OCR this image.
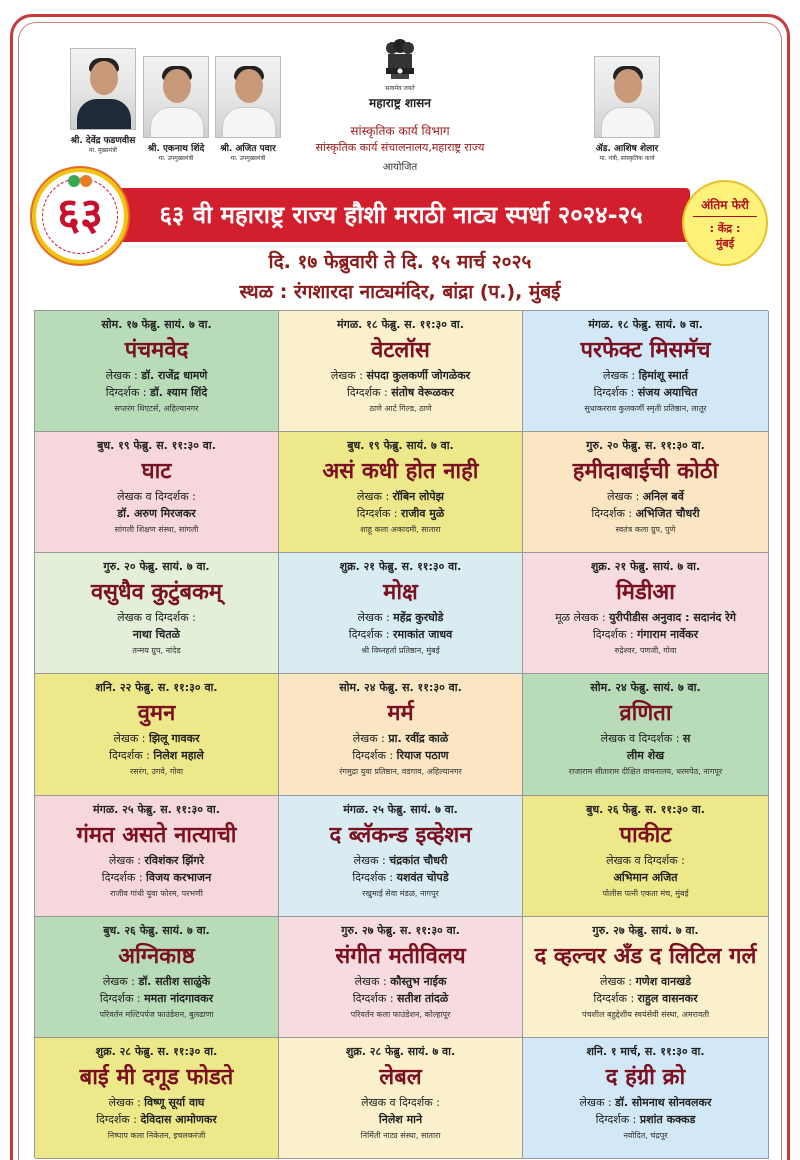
श्री. देवेंद्र फडणवीस
मा. मुख्यमंत्री	श्री. एकनाथ शिंदे
मा. उपमुख्यमंत्री
श्री. अजित पवार
मा. उपमुख्यमंत्री
ॲड. आशिष शेलार
मा. मंत्री, सांस्कृतिक कार्य
सत्यमेव जयते
महाराष्ट्र शासन
सांस्कृतिक कार्य विभाग
सांस्कृतिक कार्य संचालनालय,महाराष्ट्र राज्य
आयोजित
६३ वी महाराष्ट्र राज्य हौशी मराठी नाट्य स्पर्धा २०२४-२५
६३	अंतिम फेरी
: केंद्र :
मुंबई
दि. १७ फेब्रुवारी ते दि. १५ मार्च २०२५
स्थळ : रंगशारदा नाट्यमंदिर, बांद्रा (प.), मुंबई
सोम. १७ फेब्रु. सायं. ७ वा.
पंचमवेद
लेखक : डॉ. राजेंद्र धामणे
दिग्दर्शक : डॉ. श्याम शिंदे
सप्तरंग थिएटर्स, अहिल्यानगर
मंगळ. १८ फेब्रु. स. ११:३० वा.
वेटलॉस
लेखक : संपदा कुलकर्णी जोगळेकर
दिग्दर्शक : संतोष वेरूळकर
ठाणे आर्ट गिल्ड, ठाणे
मंगळ. १८ फेब्रु. सायं. ७ वा.
परफेक्ट मिसमॅच
लेखक : हिमांशू स्मार्त
दिग्दर्शक : संजय अयाचित
सुधाकरराव कुलकर्णी स्मृती प्रतिष्ठान, लातूर
बुध. १९ फेब्रु. स. ११:३० वा.
घाट
लेखक व दिग्दर्शक :
डॉ. अरुण मिरजकर
सांगली शिक्षण संस्था, सांगली
बुध. १९ फेब्रु. सायं. ७ वा.
असं कधी होत नाही
लेखक : रॉबिन लोपेझ
दिग्दर्शक : राजीव मुळे
शाहू कला अकादमी, सातारा
गुरु. २० फेब्रु. स. ११:३० वा.
हमीदाबाईची कोठी
लेखक : अनिल बर्वे
दिग्दर्शक : अभिजित चौधरी
स्वतंत्र कला ग्रुप, पुणे
गुरु. २० फेब्रु. सायं. ७ वा.
वसुधैव कुटुंबकम्
लेखक व दिग्दर्शक :
नाथा चितळे
तन्मय ग्रुप, नांदेड
शुक्र. २१ फेब्रु. स. ११:३० वा.
मोक्ष
लेखक : महेंद्र कुरघोडे
दिग्दर्शक : रमाकांत जाधव
श्री विघ्नहर्ता प्रतिष्ठान, मुंबई
शुक्र. २१ फेब्रु. सायं. ७ वा.
मिडीआ
मूळ लेखक : युरीपीडीस अनुवाद : सदानंद रेगे
दिग्दर्शक : गंगाराम नार्वेकर
रुद्रेश्वर, पणजी, गोवा
शनि. २२ फेब्रु. स. ११:३० वा.
वुमन
लेखक : झिलू गावकर
दिग्दर्शक : निलेश महाले
रसरंग, उगवे, गोवा
सोम. २४ फेब्रु. स. ११:३० वा.
मर्म
लेखक : प्रा. रवींद्र काळे
दिग्दर्शक : रियाज पठाण
रंगमुद्रा युवा प्रतिष्ठान, वडगाव, अहिल्यानगर
सोम. २४ फेब्रु. सायं. ७ वा.
व्रणिता
लेखक व दिग्दर्शक : स
लीम शेख
राजाराम सीताराम दीक्षित वाचनालय, धरमपेठ, नागपूर
मंगळ. २५ फेब्रु. स. ११:३० वा.
गंमत असते नात्याची
लेखक : रविशंकर झिंगरे
दिग्दर्शक : विजय करभाजन
राजीव गांधी युवा फोरम, परभणी
मंगळ. २५ फेब्रु. सायं. ७ वा.
द ब्लॅकन्ड इव्हेशन
लेखक : चंद्रकांत चौधरी
दिग्दर्शक : यशवंत चोपडे
रखुमाई सेवा मंडळ, नागपूर
बुध. २६ फेब्रु. स. ११:३० वा.
पाकीट
लेखक व दिग्दर्शक :
अभिमान अजित
पोलीस पत्नी एकता मंच, मुंबई
बुध. २६ फेब्रु. सायं. ७ वा.
अग्निकाष्ठ
लेखक : डॉ. सतीश साळुंके
दिग्दर्शक : ममता नांदगावकर
परिवर्तन मल्टिपर्पज फाउंडेशन, बुलढाणा
गुरु. २७ फेब्रु. स. ११:३० वा.
संगीत मतीविलय
लेखक : कौस्तुभ नाईक
दिग्दर्शक : सतीश तांदळे
परिवर्तन कला फाउंडेशन, कोल्हापूर
गुरु. २७ फेब्रु. सायं. ७ वा.
द व्हल्चर अँड द लिटिल गर्ल
लेखक : गणेश वानखडे
दिग्दर्शक : राहुल वासनकर
पंचशील बहुद्देशीय स्वयंसेवी संस्था, अमरावती
शुक्र. २८ फेब्रु. स. ११:३० वा.
बाई मी दगूड फोडते
लेखक : विष्णू सूर्या वाघ
दिग्दर्शक : देविदास आमोणकर
निष्पाप कला निकेतन, इचलकरंजी
शुक्र. २८ फेब्रु. सायं. ७ वा.
लेबल
लेखक व दिग्दर्शक :
निलेश माने
निर्मिती नाट्य संस्था, सातारा
शनि. १ मार्च, स. ११:३० वा.
द हंग्री क्रो
लेखक : डॉ. सोमनाथ सोनवलकर
दिग्दर्शक : प्रशांत कक्कड
नवोदित, चंद्रपूर
